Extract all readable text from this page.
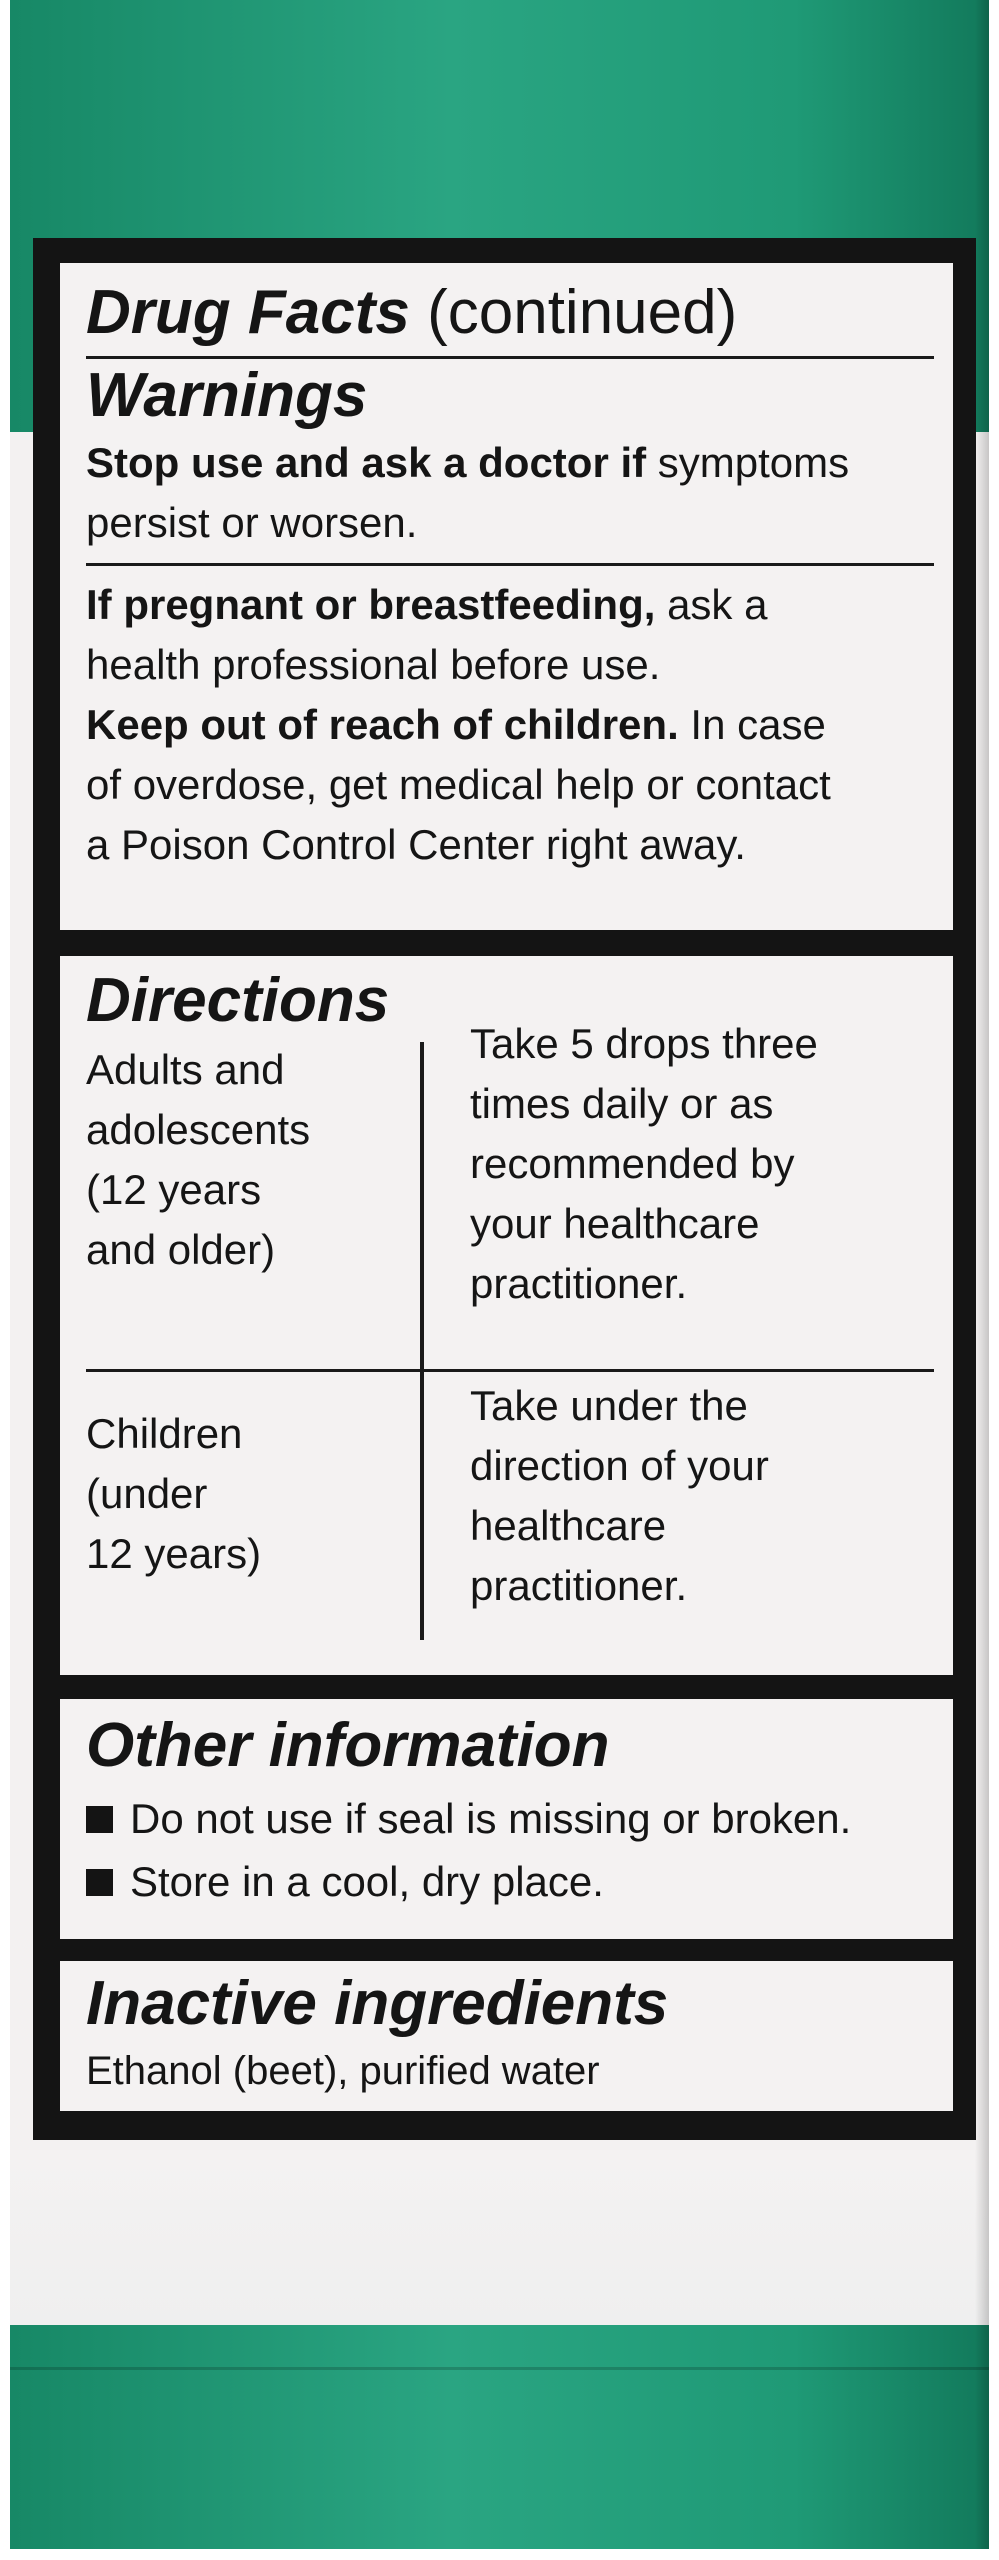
Drug Facts (continued)

Warnings

Stop use and ask a doctor if symptoms

persist or worsen.

If pregnant or breastfeeding, ask a

health professional before use.

Keep out of reach of children. In case

of overdose, get medical help or contact

a Poison Control Center right away.

Directions

Adults and

adolescents

(12 years

and older)

Take 5 drops three

times daily or as

recommended by

your healthcare

practitioner.

Children

(under

12 years)

Take under the

direction of your

healthcare

practitioner.

Other information

Do not use if seal is missing or broken.

Store in a cool, dry place.

Inactive ingredients

Ethanol (beet), purified water
